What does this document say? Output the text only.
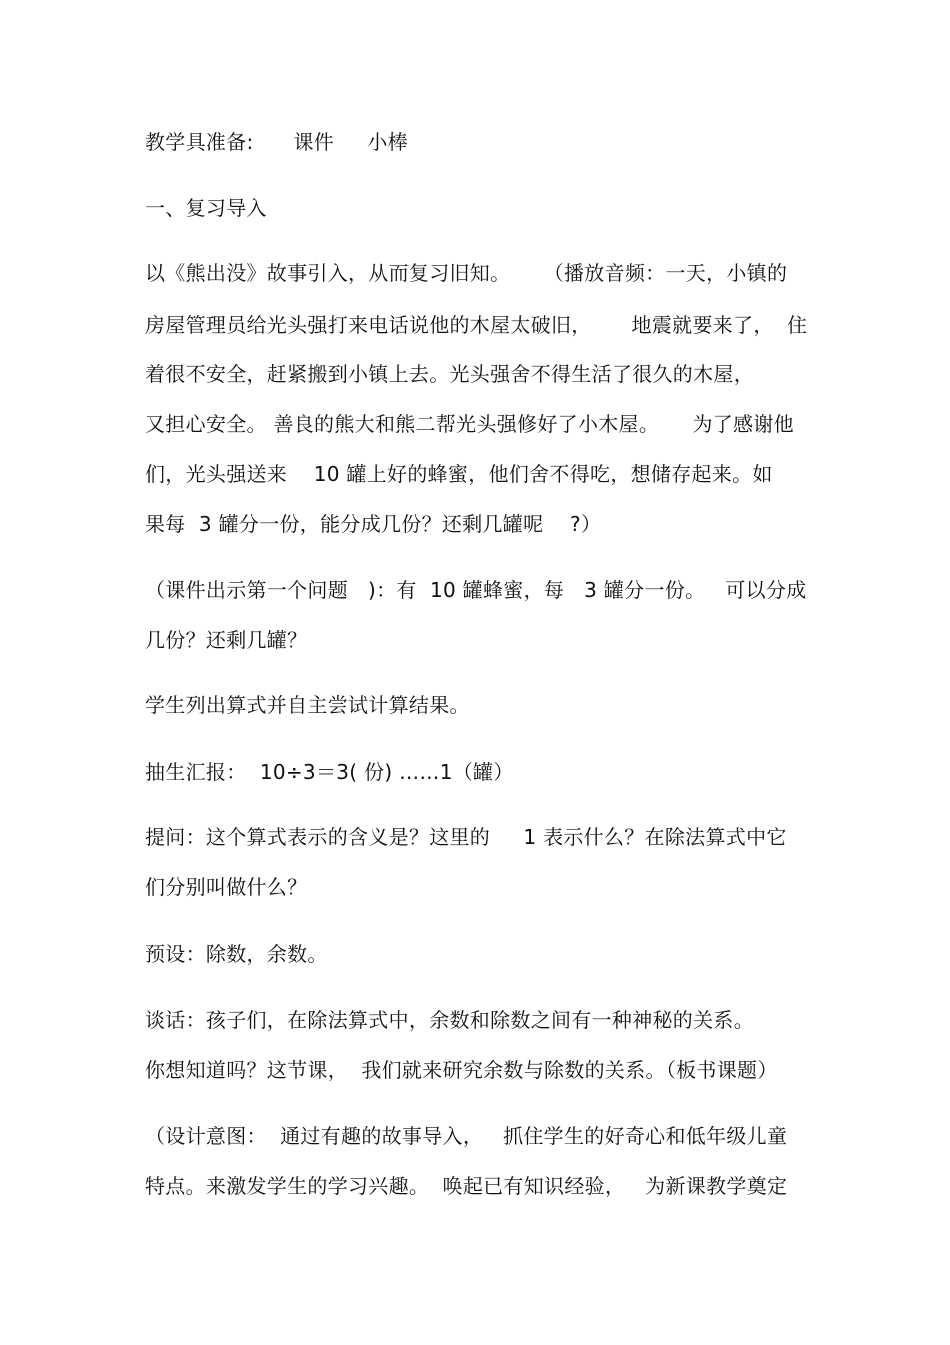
教学具准备:      课件     小棒
一、复习导入
以《熊出没》故事引入，从而复习旧知。     （播放音频：一天，小镇的
房屋管理员给光头强打来电话说他的木屋太破旧，      地震就要来了，  住
着很不安全，赶紧搬到小镇上去。光头强舍不得生活了很久的木屋，
又担心安全。 善良的熊大和熊二帮光头强修好了小木屋。     为了感谢他
们，光头强送来    10 罐上好的蜂蜜，他们舍不得吃，想储存起来。如
果每  3 罐分一份，能分成几份？还剩几罐呢    ?）
（课件出示第一个问题   )：有  10 罐蜂蜜，每   3 罐分一份。   可以分成
几份？还剩几罐？
学生列出算式并自主尝试计算结果。
抽生汇报：  10÷3＝3( 份) ……1（罐）
提问：这个算式表示的含义是？这里的     1 表示什么？在除法算式中它
们分别叫做什么？
预设：除数，余数。
谈话：孩子们，在除法算式中，余数和除数之间有一种神秘的关系。
你想知道吗？这节课，  我们就来研究余数与除数的关系。（板书课题）
（设计意图：  通过有趣的故事导入，   抓住学生的好奇心和低年级儿童
特点。来激发学生的学习兴趣。  唤起已有知识经验，   为新课教学奠定
